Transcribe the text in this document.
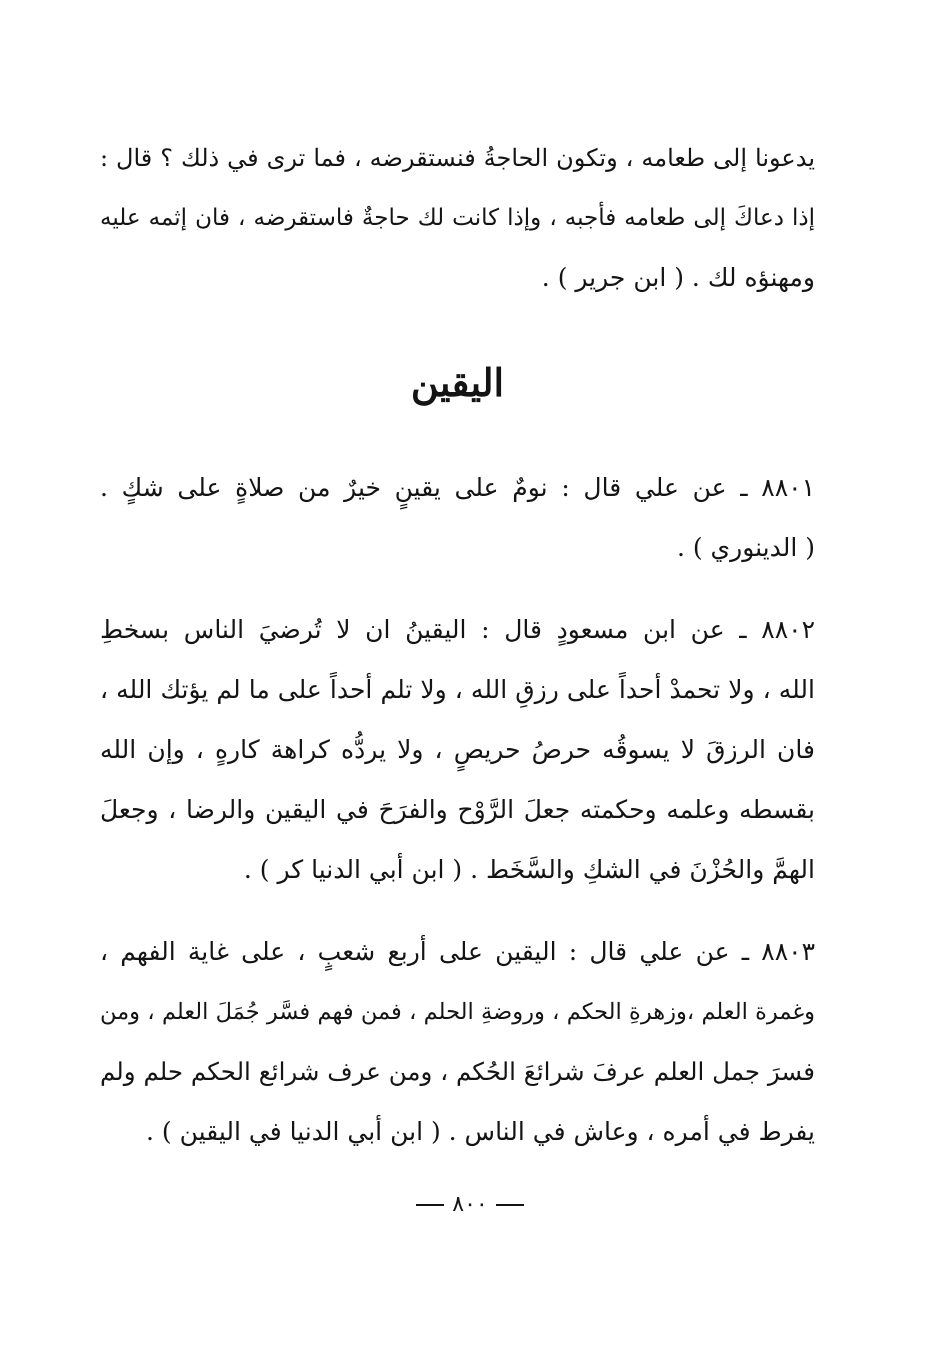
يدعونا إلى طعامه ، وتكون الحاجةُ فنستقرضه ، فما ترى في ذلك ؟ قال :
إذا دعاكَ إلى طعامه فأجبه ، وإذا كانت لك حاجةٌ فاستقرضه ، فان إثمه عليه
ومهنؤه لك . ( ابن جرير ) .
اليقين
٨٨٠١ ـ عن علي قال : نومٌ على يقينٍ خيرٌ من صلاةٍ على شكٍ .
( الدينوري ) .
٨٨٠٢ ـ عن ابن مسعودٍ قال : اليقينُ ان لا تُرضيَ الناس بسخطِ
الله ، ولا تحمدْ أحداً على رزقِ الله ، ولا تلم أحداً على ما لم يؤتك الله ،
فان الرزقَ لا يسوقُه حرصُ حريصٍ ، ولا يردُّه كراهة كارهٍ ، وإن الله
بقسطه وعلمه وحكمته جعلَ الرَّوْح والفرَحَ في اليقين والرضا ، وجعلَ
الهمَّ والحُزْنَ في الشكِ والسَّخَط . ( ابن أبي الدنيا كر ) .
٨٨٠٣ ـ عن علي قال : اليقين على أربع شعبٍ ، على غاية الفهم ،
وغمرة العلم ،وزهرةِ الحكم ، وروضةِ الحلم ، فمن فهم فسَّر جُمَلَ العلم ، ومن
فسرَ جمل العلم عرفَ شرائعَ الحُكم ، ومن عرف شرائع الحكم حلم ولم
يفرط في أمره ، وعاش في الناس . ( ابن أبي الدنيا في اليقين ) .
٨٠٠
